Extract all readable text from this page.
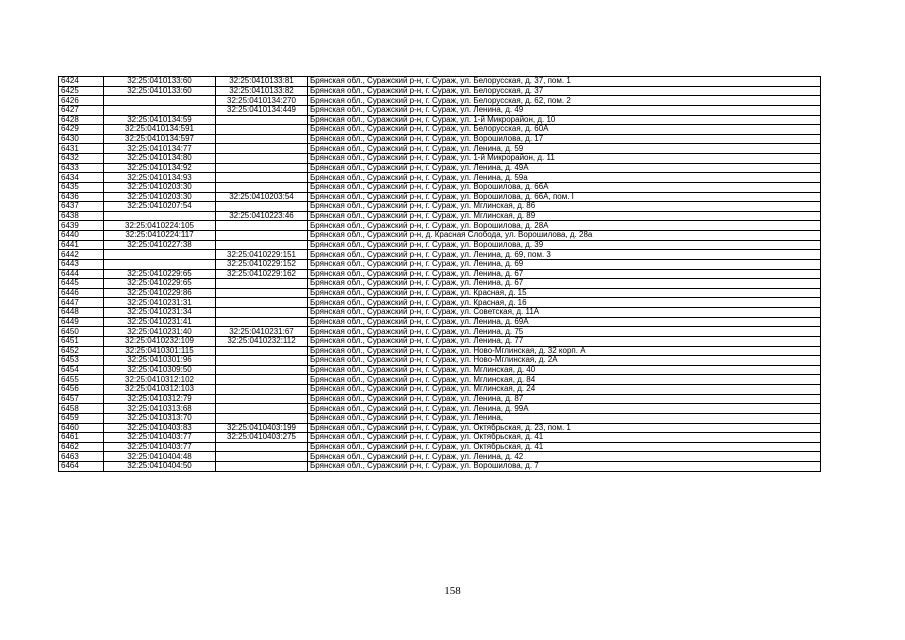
6424	32:25:0410133:60	32:25:0410133:81	Брянская обл., Суражский р-н, г. Сураж, ул. Белорусская, д. 37, пом. 1
6425	32:25:0410133:60	32:25:0410133:82	Брянская обл., Суражский р-н, г. Сураж, ул. Белорусская, д. 37
6426		32:25:0410134:270	Брянская обл., Суражский р-н, г. Сураж, ул. Белорусская, д. 62, пом. 2
6427		32:25:0410134:449	Брянская обл., Суражский р-н, г. Сураж, ул. Ленина, д. 49
6428	32:25:0410134:59		Брянская обл., Суражский р-н, г. Сураж, ул. 1-й Микрорайон, д. 10
6429	32:25:0410134:591		Брянская обл., Суражский р-н, г. Сураж, ул. Белорусская, д. 60А
6430	32:25:0410134:597		Брянская обл., Суражский р-н, г. Сураж, ул. Ворошилова, д. 17
6431	32:25:0410134:77		Брянская обл., Суражский р-н, г. Сураж, ул. Ленина, д. 59
6432	32:25:0410134:80		Брянская обл., Суражский р-н, г. Сураж, ул. 1-й Микрорайон, д. 11
6433	32:25:0410134:92		Брянская обл., Суражский р-н, г. Сураж, ул. Ленина, д. 49А
6434	32:25:0410134:93		Брянская обл., Суражский р-н, г. Сураж, ул. Ленина, д. 59а
6435	32:25:0410203:30		Брянская обл., Суражский р-н, г. Сураж, ул. Ворошилова, д. 66А
6436	32:25:0410203:30	32:25:0410203:54	Брянская обл., Суражский р-н, г. Сураж, ул. Ворошилова, д. 66А, пом. I
6437	32:25:0410207:54		Брянская обл., Суражский р-н, г. Сураж, ул. Мглинская, д. 86
6438		32:25:0410223:46	Брянская обл., Суражский р-н, г. Сураж, ул. Мглинская, д. 89
6439	32:25:0410224:105		Брянская обл., Суражский р-н, г. Сураж, ул. Ворошилова, д. 28А
6440	32:25:0410224:117		Брянская обл., Суражский р-н, д. Красная Слобода, ул. Ворошилова, д. 28а
6441	32:25:0410227:38		Брянская обл., Суражский р-н, г. Сураж, ул. Ворошилова, д. 39
6442		32:25:0410229:151	Брянская обл., Суражский р-н, г. Сураж, ул. Ленина, д. 69, пом. 3
6443		32:25:0410229:152	Брянская обл., Суражский р-н, г. Сураж, ул. Ленина, д. 69
6444	32:25:0410229:65	32:25:0410229:162	Брянская обл., Суражский р-н, г. Сураж, ул. Ленина, д. 67
6445	32:25:0410229:65		Брянская обл., Суражский р-н, г. Сураж, ул. Ленина, д. 67
6446	32:25:0410229:86		Брянская обл., Суражский р-н, г. Сураж, ул. Красная, д. 15
6447	32:25:0410231:31		Брянская обл., Суражский р-н, г. Сураж, ул. Красная, д. 16
6448	32:25:0410231:34		Брянская обл., Суражский р-н, г. Сураж, ул. Советская, д. 11А
6449	32:25:0410231:41		Брянская обл., Суражский р-н, г. Сураж, ул. Ленина, д. 69А
6450	32:25:0410231:40	32:25:0410231:67	Брянская обл., Суражский р-н, г. Сураж, ул. Ленина, д. 75
6451	32:25:0410232:109	32:25:0410232:112	Брянская обл., Суражский р-н, г. Сураж, ул. Ленина, д. 77
6452	32:25:0410301:115		Брянская обл., Суражский р-н, г. Сураж, ул. Ново-Мглинская, д. 32 корп. А
6453	32:25:0410301:96		Брянская обл., Суражский р-н, г. Сураж, ул. Ново-Мглинская, д. 2А
6454	32:25:0410309:50		Брянская обл., Суражский р-н, г. Сураж, ул. Мглинская, д. 40
6455	32:25:0410312:102		Брянская обл., Суражский р-н, г. Сураж, ул. Мглинская, д. 84
6456	32:25:0410312:103		Брянская обл., Суражский р-н, г. Сураж, ул. Мглинская, д. 24
6457	32:25:0410312:79		Брянская обл., Суражский р-н, г. Сураж, ул. Ленина, д. 87
6458	32:25:0410313:68		Брянская обл., Суражский р-н, г. Сураж, ул. Ленина, д. 99А
6459	32:25:0410313:70		Брянская обл., Суражский р-н, г. Сураж, ул. Ленина,
6460	32:25:0410403:83	32:25:0410403:199	Брянская обл., Суражский р-н, г. Сураж, ул. Октябрьская, д. 23, пом. 1
6461	32:25:0410403:77	32:25:0410403:275	Брянская обл., Суражский р-н, г. Сураж, ул. Октябрьская, д. 41
6462	32:25:0410403:77		Брянская обл., Суражский р-н, г. Сураж, ул. Октябрьская, д. 41
6463	32:25:0410404:48		Брянская обл., Суражский р-н, г. Сураж, ул. Ленина, д. 42
6464	32:25:0410404:50		Брянская обл., Суражский р-н, г. Сураж, ул. Ворошилова, д. 7
158
